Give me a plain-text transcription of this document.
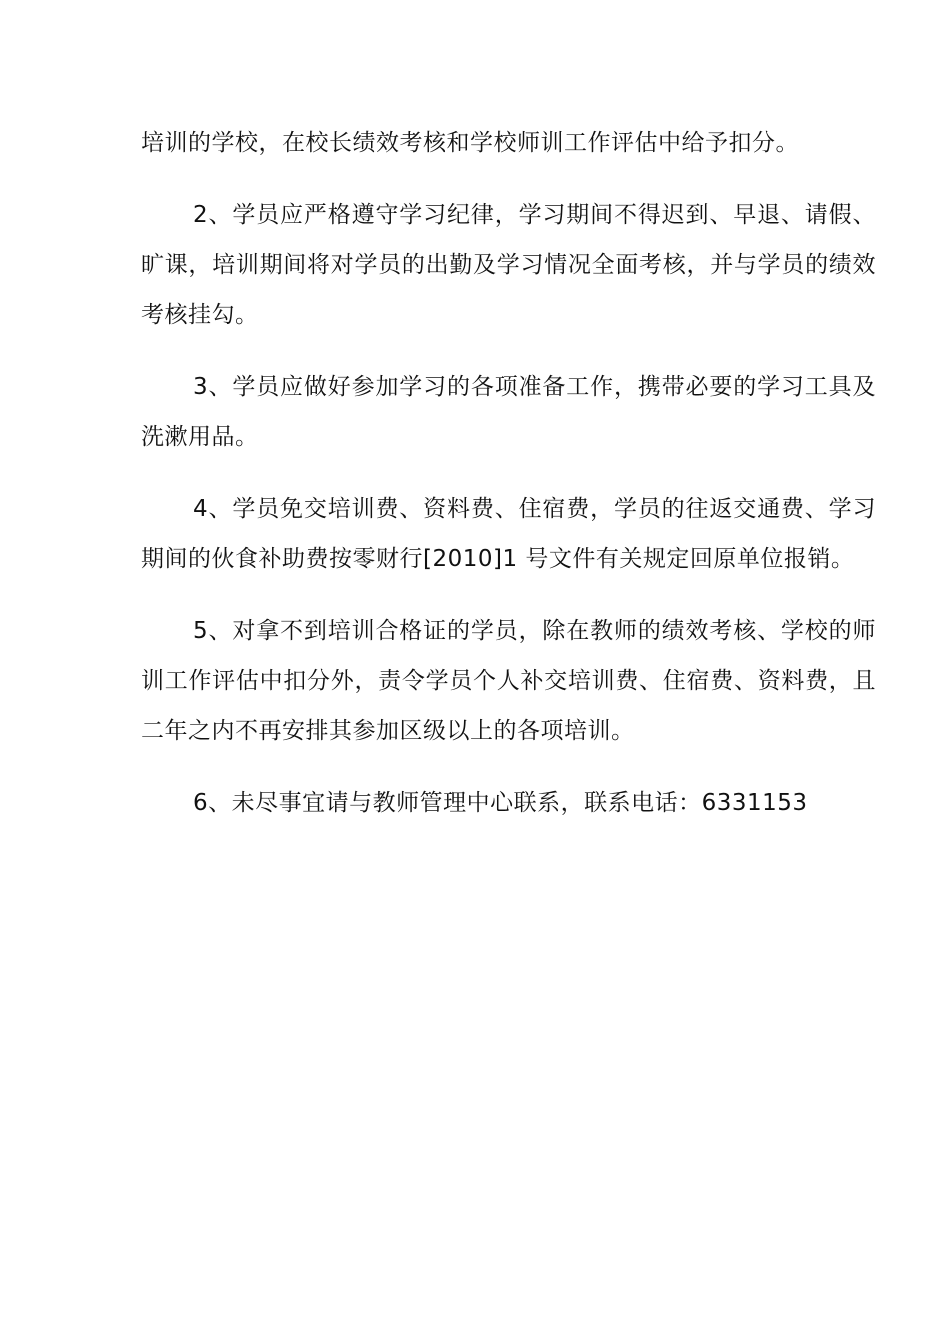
培训的学校，在校长绩效考核和学校师训工作评估中给予扣分。

2、学员应严格遵守学习纪律，学习期间不得迟到、早退、请假、旷课，培训期间将对学员的出勤及学习情况全面考核，并与学员的绩效考核挂勾。

3、学员应做好参加学习的各项准备工作，携带必要的学习工具及洗漱用品。

4、学员免交培训费、资料费、住宿费，学员的往返交通费、学习期间的伙食补助费按零财行[2010]1 号文件有关规定回原单位报销。

5、对拿不到培训合格证的学员，除在教师的绩效考核、学校的师训工作评估中扣分外，责令学员个人补交培训费、住宿费、资料费，且二年之内不再安排其参加区级以上的各项培训。

6、未尽事宜请与教师管理中心联系，联系电话：6331153
